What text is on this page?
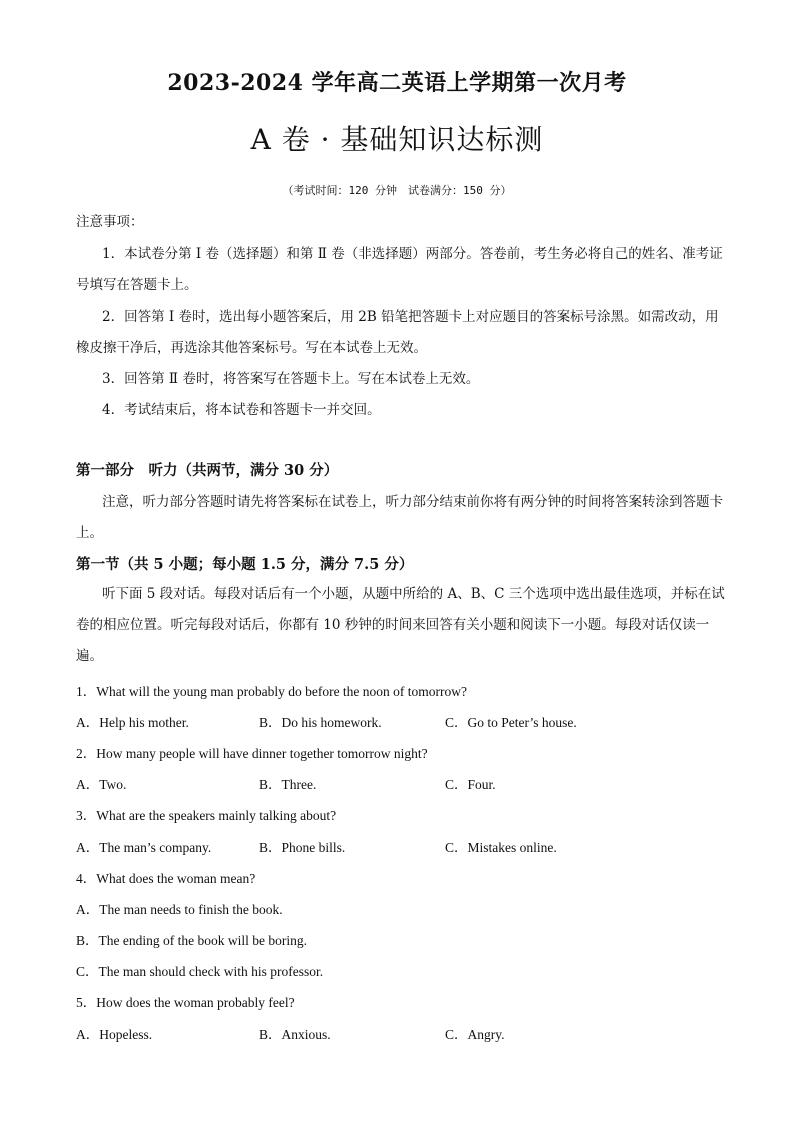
2023-2024 学年高二英语上学期第一次月考
A 卷 · 基础知识达标测
（考试时间：120 分钟　试卷满分：150 分）
注意事项：
1．本试卷分第 Ⅰ 卷（选择题）和第 Ⅱ 卷（非选择题）两部分。答卷前，考生务必将自己的姓名、准考证号填写在答题卡上。
2．回答第 Ⅰ 卷时，选出每小题答案后，用 2B 铅笔把答题卡上对应题目的答案标号涂黑。如需改动，用橡皮擦干净后，再选涂其他答案标号。写在本试卷上无效。
3．回答第 Ⅱ 卷时，将答案写在答题卡上。写在本试卷上无效。
4．考试结束后，将本试卷和答题卡一并交回。
第一部分　听力（共两节，满分 30 分）
注意，听力部分答题时请先将答案标在试卷上，听力部分结束前你将有两分钟的时间将答案转涂到答题卡上。
第一节（共 5 小题；每小题 1.5 分，满分 7.5 分）
听下面 5 段对话。每段对话后有一个小题，从题中所给的 A、B、C 三个选项中选出最佳选项，并标在试卷的相应位置。听完每段对话后，你都有 10 秒钟的时间来回答有关小题和阅读下一小题。每段对话仅读一遍。
1．What will the young man probably do before the noon of tomorrow?
A．Help his mother.	B．Do his homework.	C．Go to Peter’s house.
2．How many people will have dinner together tomorrow night?
A．Two.	B．Three.	C．Four.
3．What are the speakers mainly talking about?
A．The man’s company.	B．Phone bills.	C．Mistakes online.
4．What does the woman mean?
A．The man needs to finish the book.
B．The ending of the book will be boring.
C．The man should check with his professor.
5．How does the woman probably feel?
A．Hopeless.	B．Anxious.	C．Angry.
